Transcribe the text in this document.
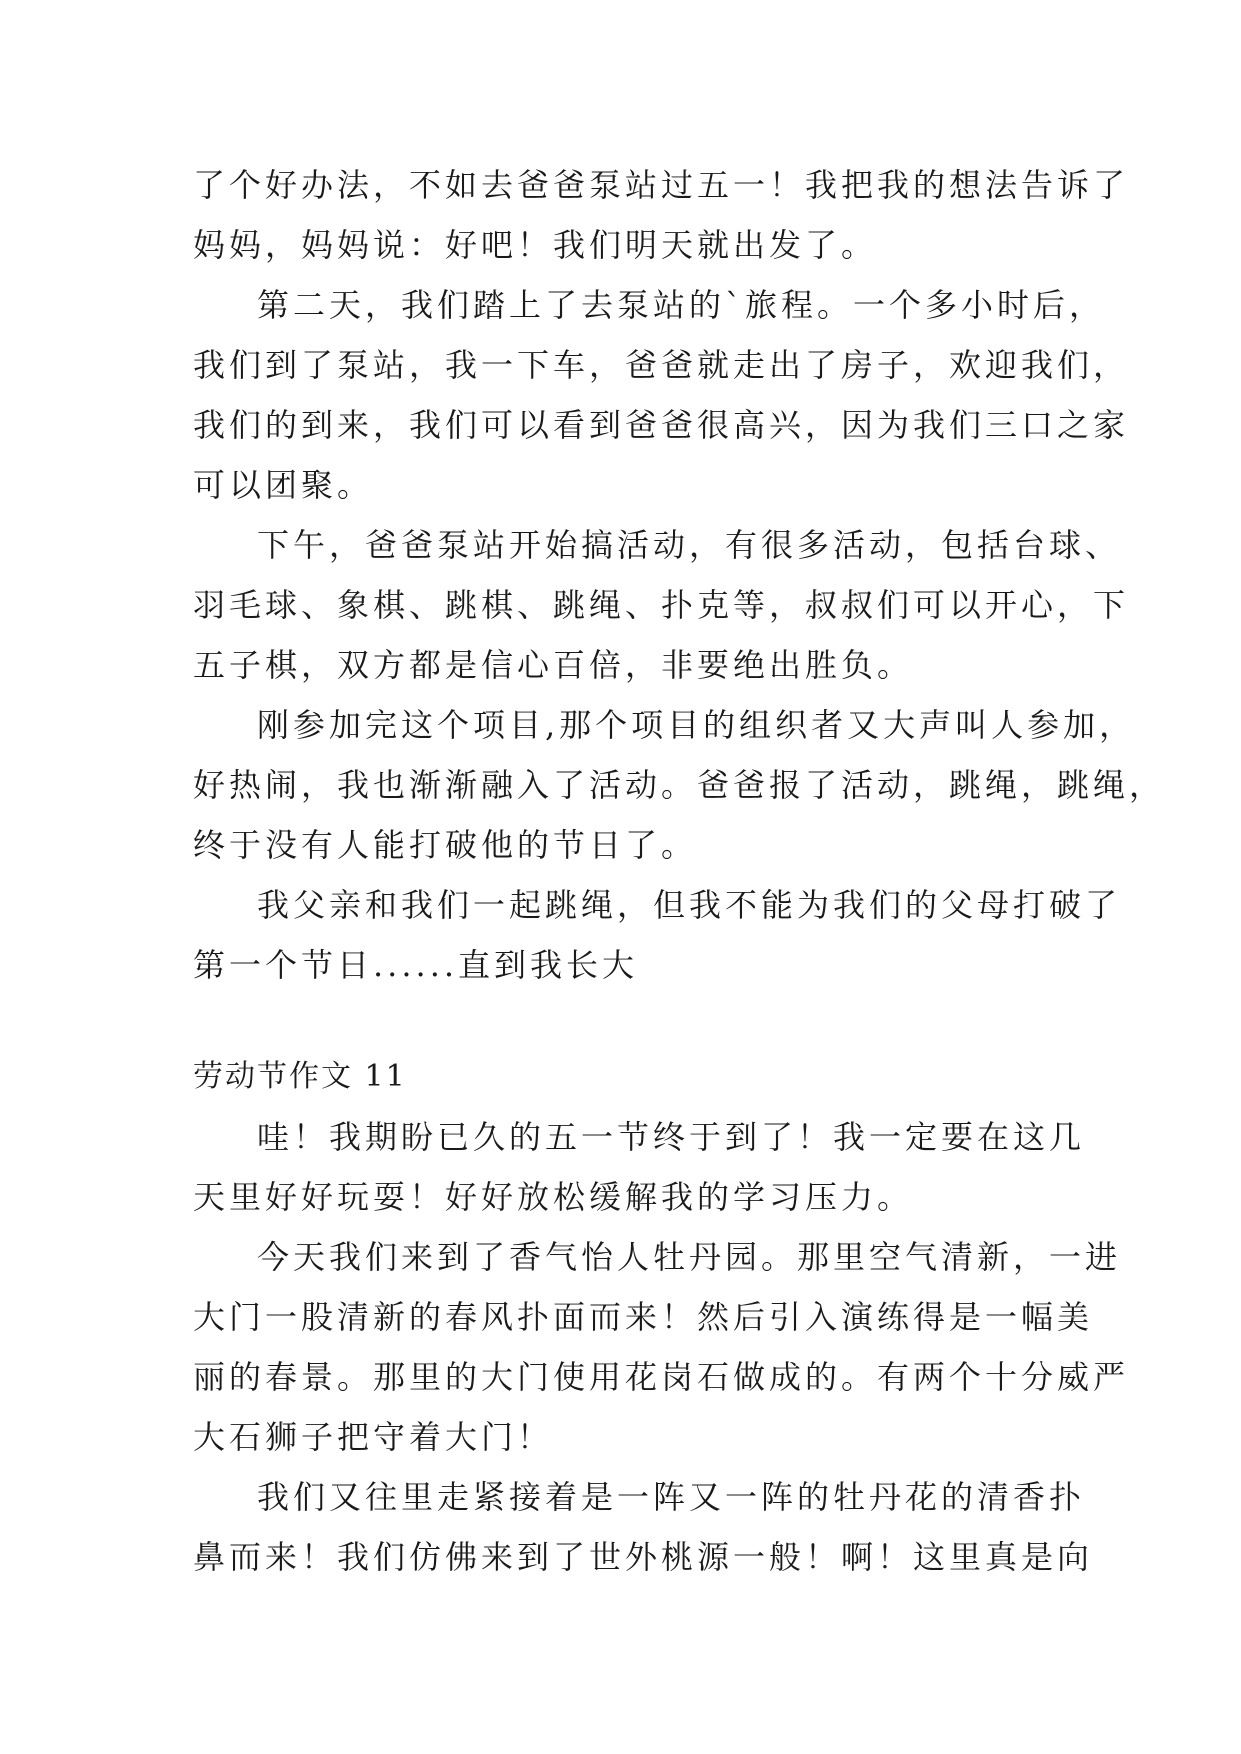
了个好办法，不如去爸爸泵站过五一！我把我的想法告诉了
妈妈，妈妈说：好吧！我们明天就出发了。
第二天，我们踏上了去泵站的`旅程。一个多小时后，
我们到了泵站，我一下车，爸爸就走出了房子，欢迎我们，
我们的到来，我们可以看到爸爸很高兴，因为我们三口之家
可以团聚。
下午，爸爸泵站开始搞活动，有很多活动，包括台球、
羽毛球、象棋、跳棋、跳绳、扑克等，叔叔们可以开心，下
五子棋，双方都是信心百倍，非要绝出胜负。
刚参加完这个项目,那个项目的组织者又大声叫人参加，
好热闹，我也渐渐融入了活动。爸爸报了活动，跳绳，跳绳，
终于没有人能打破他的节日了。
我父亲和我们一起跳绳，但我不能为我们的父母打破了
第一个节日......直到我长大
劳动节作文 11
哇！我期盼已久的五一节终于到了！我一定要在这几
天里好好玩耍！好好放松缓解我的学习压力。
今天我们来到了香气怡人牡丹园。那里空气清新，一进
大门一股清新的春风扑面而来！然后引入演练得是一幅美
丽的春景。那里的大门使用花岗石做成的。有两个十分威严
大石狮子把守着大门！
我们又往里走紧接着是一阵又一阵的牡丹花的清香扑
鼻而来！我们仿佛来到了世外桃源一般！啊！这里真是向
